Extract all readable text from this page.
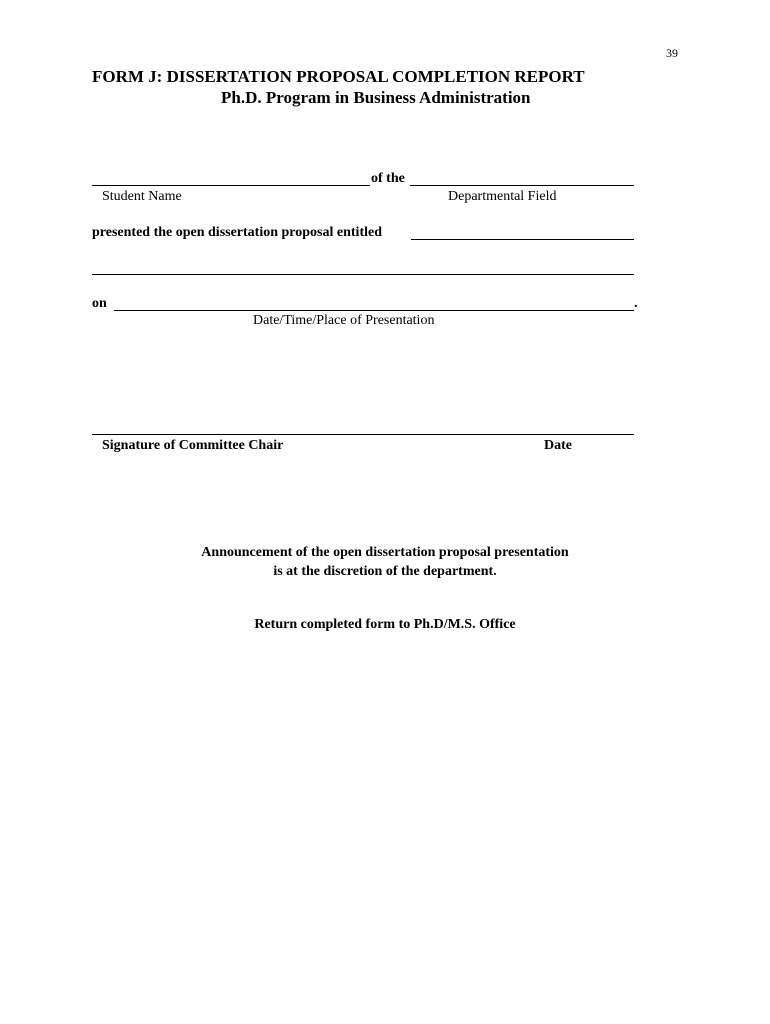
39
FORM J: DISSERTATION PROPOSAL COMPLETION REPORT
Ph.D. Program in Business Administration
of the
Student Name	Departmental Field
presented the open dissertation proposal entitled
on	.
Date/Time/Place of Presentation
Signature of Committee Chair	Date
Announcement of the open dissertation proposal presentation
is at the discretion of the department.
Return completed form to Ph.D/M.S. Office
